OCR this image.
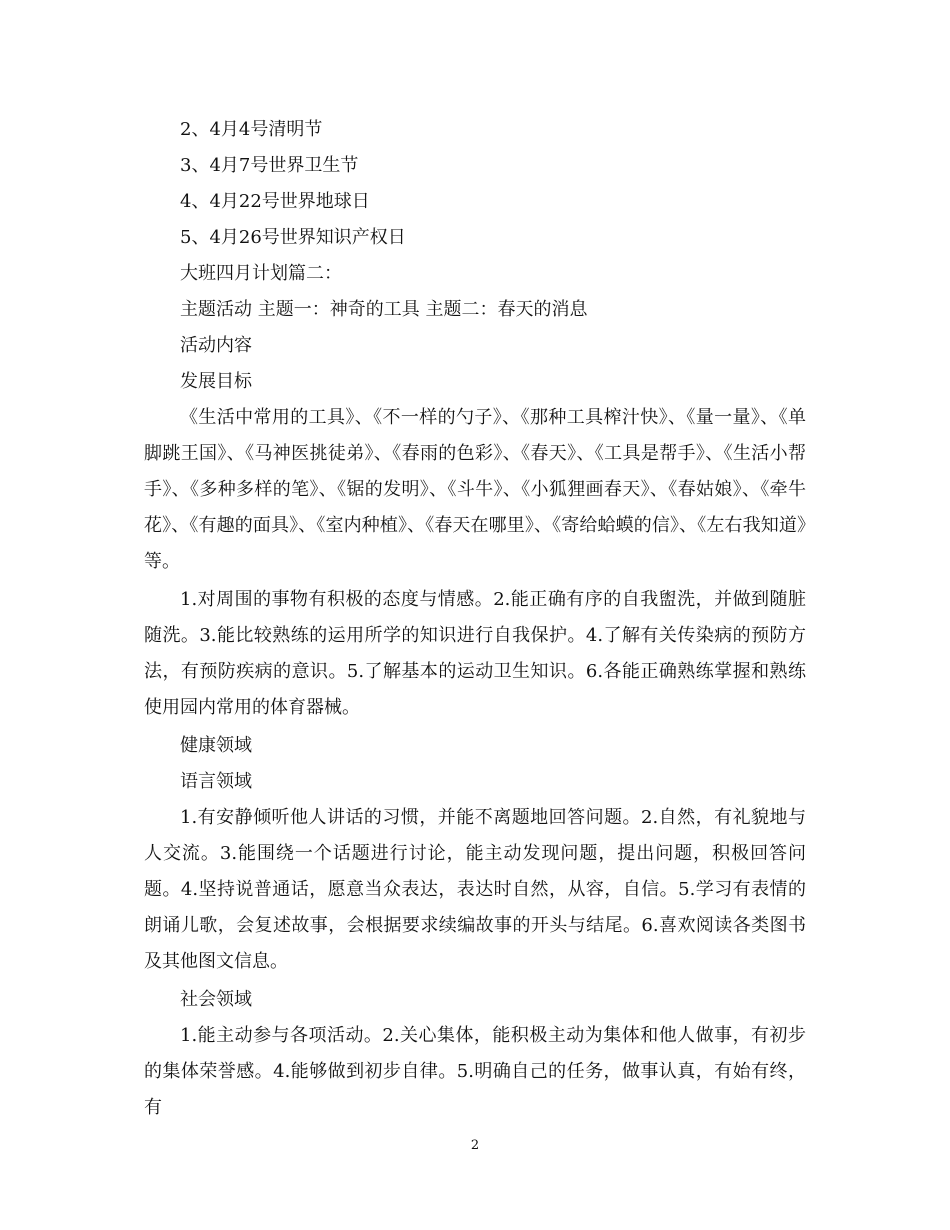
2、4月4号清明节

3、4月7号世界卫生节

4、4月22号世界地球日

5、4月26号世界知识产权日

大班四月计划篇二：

主题活动 主题一：神奇的工具 主题二：春天的消息

活动内容

发展目标

《生活中常用的工具》、《不一样的勺子》、《那种工具榨汁快》、《量一量》、《单脚跳王国》、《马神医挑徒弟》、《春雨的色彩》、《春天》、《工具是帮手》、《生活小帮手》、《多种多样的笔》、《锯的发明》、《斗牛》、《小狐狸画春天》、《春姑娘》、《牵牛花》、《有趣的面具》、《室内种植》、《春天在哪里》、《寄给蛤蟆的信》、《左右我知道》等。

1.对周围的事物有积极的态度与情感。2.能正确有序的自我盥洗，并做到随脏随洗。3.能比较熟练的运用所学的知识进行自我保护。4.了解有关传染病的预防方法，有预防疾病的意识。5.了解基本的运动卫生知识。6.各能正确熟练掌握和熟练使用园内常用的体育器械。

健康领域

语言领域

1.有安静倾听他人讲话的习惯，并能不离题地回答问题。2.自然，有礼貌地与人交流。3.能围绕一个话题进行讨论，能主动发现问题，提出问题，积极回答问题。4.坚持说普通话，愿意当众表达，表达时自然，从容，自信。5.学习有表情的朗诵儿歌，会复述故事，会根据要求续编故事的开头与结尾。6.喜欢阅读各类图书及其他图文信息。

社会领域

1.能主动参与各项活动。2.关心集体，能积极主动为集体和他人做事，有初步的集体荣誉感。4.能够做到初步自律。5.明确自己的任务，做事认真，有始有终，有

2
